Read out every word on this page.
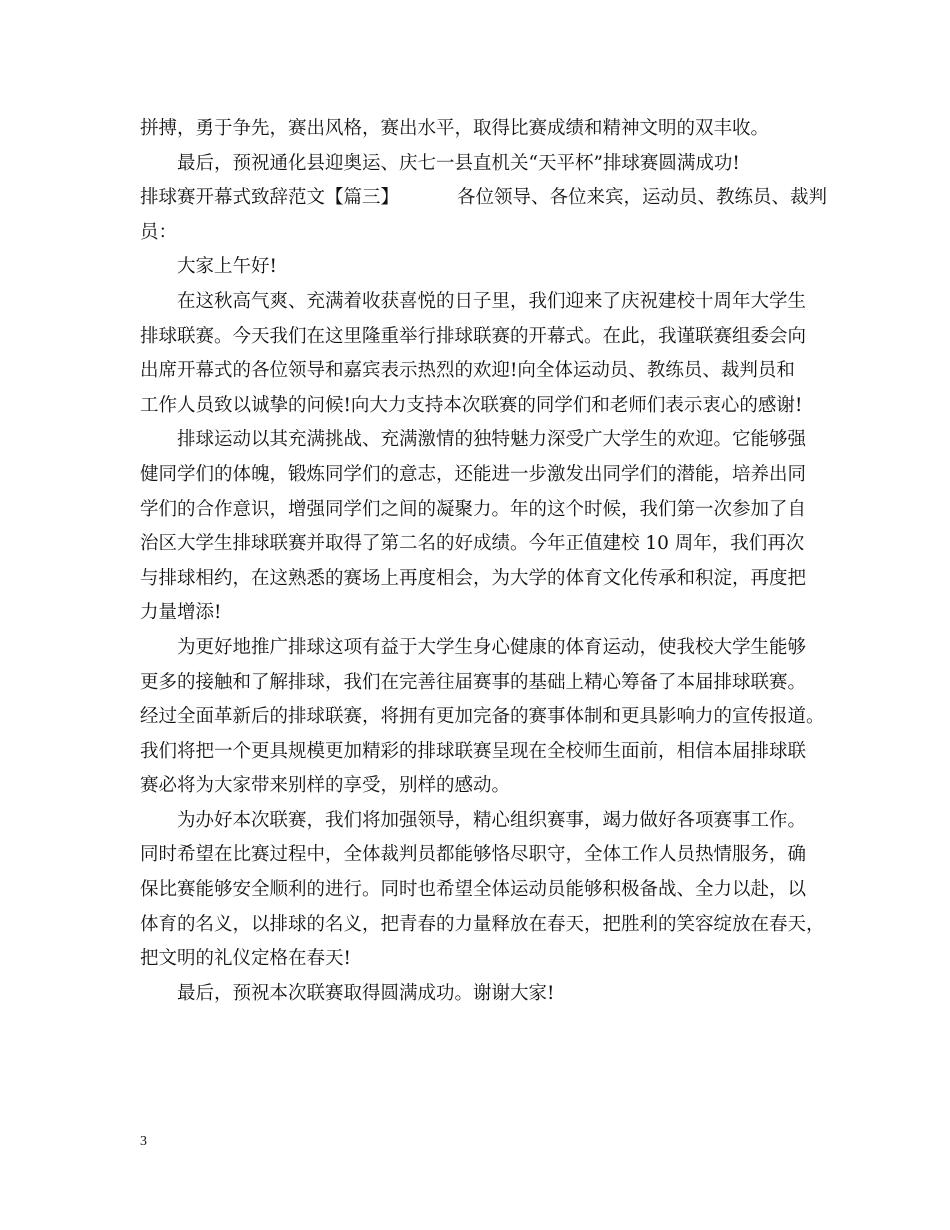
拼搏，勇于争先，赛出风格，赛出水平，取得比赛成绩和精神文明的双丰收。
最后，预祝通化县迎奥运、庆七一县直机关“天平杯”排球赛圆满成功!
排球赛开幕式致辞范文【篇三】	各位领导、各位来宾，运动员、教练员、裁判
员：
大家上午好!
在这秋高气爽、充满着收获喜悦的日子里，我们迎来了庆祝建校十周年大学生
排球联赛。今天我们在这里隆重举行排球联赛的开幕式。在此，我谨联赛组委会向
出席开幕式的各位领导和嘉宾表示热烈的欢迎!向全体运动员、教练员、裁判员和
工作人员致以诚挚的问候!向大力支持本次联赛的同学们和老师们表示衷心的感谢!
排球运动以其充满挑战、充满激情的独特魅力深受广大学生的欢迎。它能够强
健同学们的体魄，锻炼同学们的意志，还能进一步激发出同学们的潜能，培养出同
学们的合作意识，增强同学们之间的凝聚力。年的这个时候，我们第一次参加了自
治区大学生排球联赛并取得了第二名的好成绩。今年正值建校 10 周年，我们再次
与排球相约，在这熟悉的赛场上再度相会，为大学的体育文化传承和积淀，再度把
力量增添!
为更好地推广排球这项有益于大学生身心健康的体育运动，使我校大学生能够
更多的接触和了解排球，我们在完善往届赛事的基础上精心筹备了本届排球联赛。
经过全面革新后的排球联赛，将拥有更加完备的赛事体制和更具影响力的宣传报道。
我们将把一个更具规模更加精彩的排球联赛呈现在全校师生面前，相信本届排球联
赛必将为大家带来别样的享受，别样的感动。
为办好本次联赛，我们将加强领导，精心组织赛事，竭力做好各项赛事工作。
同时希望在比赛过程中，全体裁判员都能够恪尽职守，全体工作人员热情服务，确
保比赛能够安全顺利的进行。同时也希望全体运动员能够积极备战、全力以赴，以
体育的名义，以排球的名义，把青春的力量释放在春天，把胜利的笑容绽放在春天，
把文明的礼仪定格在春天!
最后，预祝本次联赛取得圆满成功。谢谢大家!
3
